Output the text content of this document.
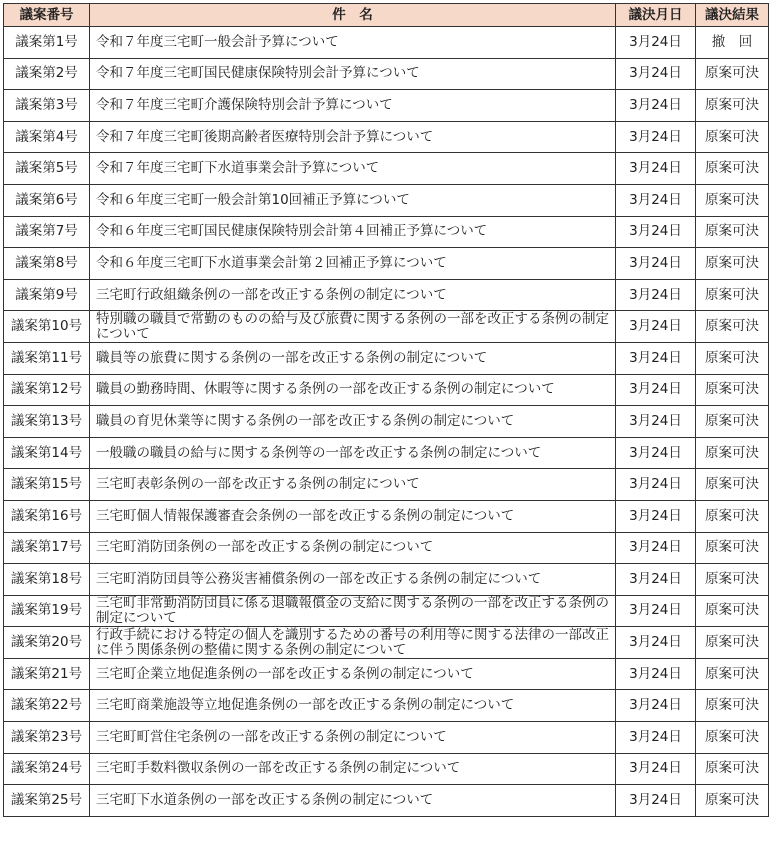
議案番号	件　名	議決月日	議決結果
議案第1号	令和７年度三宅町一般会計予算について	3月24日	撤　回
議案第2号	令和７年度三宅町国民健康保険特別会計予算について	3月24日	原案可決
議案第3号	令和７年度三宅町介護保険特別会計予算について	3月24日	原案可決
議案第4号	令和７年度三宅町後期高齢者医療特別会計予算について	3月24日	原案可決
議案第5号	令和７年度三宅町下水道事業会計予算について	3月24日	原案可決
議案第6号	令和６年度三宅町一般会計第10回補正予算について	3月24日	原案可決
議案第7号	令和６年度三宅町国民健康保険特別会計第４回補正予算について	3月24日	原案可決
議案第8号	令和６年度三宅町下水道事業会計第２回補正予算について	3月24日	原案可決
議案第9号	三宅町行政組織条例の一部を改正する条例の制定について	3月24日	原案可決
議案第10号	特別職の職員で常勤のものの給与及び旅費に関する条例の一部を改正する条例の制定について	3月24日	原案可決
議案第11号	職員等の旅費に関する条例の一部を改正する条例の制定について	3月24日	原案可決
議案第12号	職員の勤務時間、休暇等に関する条例の一部を改正する条例の制定について	3月24日	原案可決
議案第13号	職員の育児休業等に関する条例の一部を改正する条例の制定について	3月24日	原案可決
議案第14号	一般職の職員の給与に関する条例等の一部を改正する条例の制定について	3月24日	原案可決
議案第15号	三宅町表彰条例の一部を改正する条例の制定について	3月24日	原案可決
議案第16号	三宅町個人情報保護審査会条例の一部を改正する条例の制定について	3月24日	原案可決
議案第17号	三宅町消防団条例の一部を改正する条例の制定について	3月24日	原案可決
議案第18号	三宅町消防団員等公務災害補償条例の一部を改正する条例の制定について	3月24日	原案可決
議案第19号	三宅町非常勤消防団員に係る退職報償金の支給に関する条例の一部を改正する条例の制定について	3月24日	原案可決
議案第20号	行政手続における特定の個人を識別するための番号の利用等に関する法律の一部改正に伴う関係条例の整備に関する条例の制定について	3月24日	原案可決
議案第21号	三宅町企業立地促進条例の一部を改正する条例の制定について	3月24日	原案可決
議案第22号	三宅町商業施設等立地促進条例の一部を改正する条例の制定について	3月24日	原案可決
議案第23号	三宅町町営住宅条例の一部を改正する条例の制定について	3月24日	原案可決
議案第24号	三宅町手数料徴収条例の一部を改正する条例の制定について	3月24日	原案可決
議案第25号	三宅町下水道条例の一部を改正する条例の制定について	3月24日	原案可決
